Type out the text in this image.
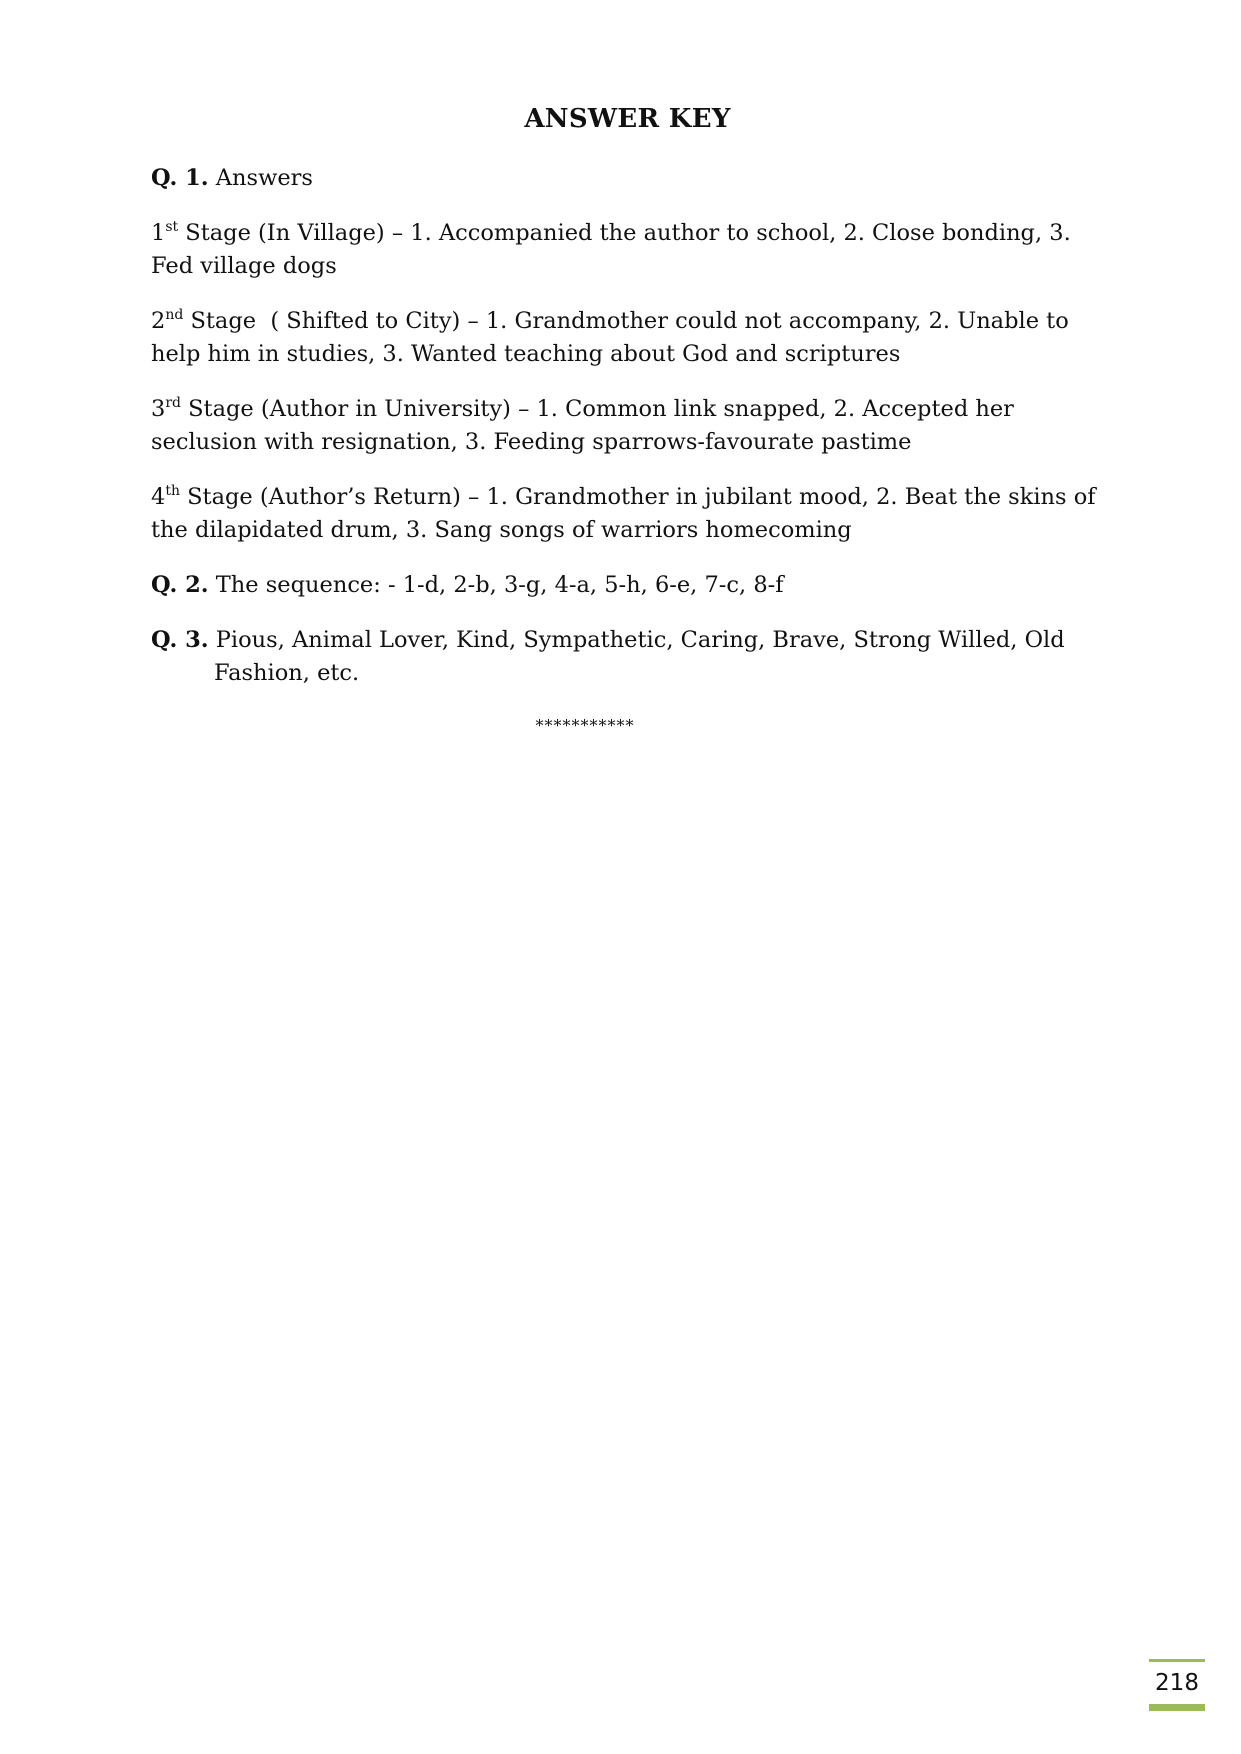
ANSWER KEY

Q. 1. Answers

1st Stage (In Village) – 1. Accompanied the author to school, 2. Close bonding, 3. Fed village dogs

2nd Stage  ( Shifted to City) – 1. Grandmother could not accompany, 2. Unable to help him in studies, 3. Wanted teaching about God and scriptures

3rd Stage (Author in University) – 1. Common link snapped, 2. Accepted her seclusion with resignation, 3. Feeding sparrows-favourate pastime

4th Stage (Author’s Return) – 1. Grandmother in jubilant mood, 2. Beat the skins of the dilapidated drum, 3. Sang songs of warriors homecoming

Q. 2. The sequence: - 1-d, 2-b, 3-g, 4-a, 5-h, 6-e, 7-c, 8-f

Q. 3. Pious, Animal Lover, Kind, Sympathetic, Caring, Brave, Strong Willed, Old Fashion, etc.

***********
218
